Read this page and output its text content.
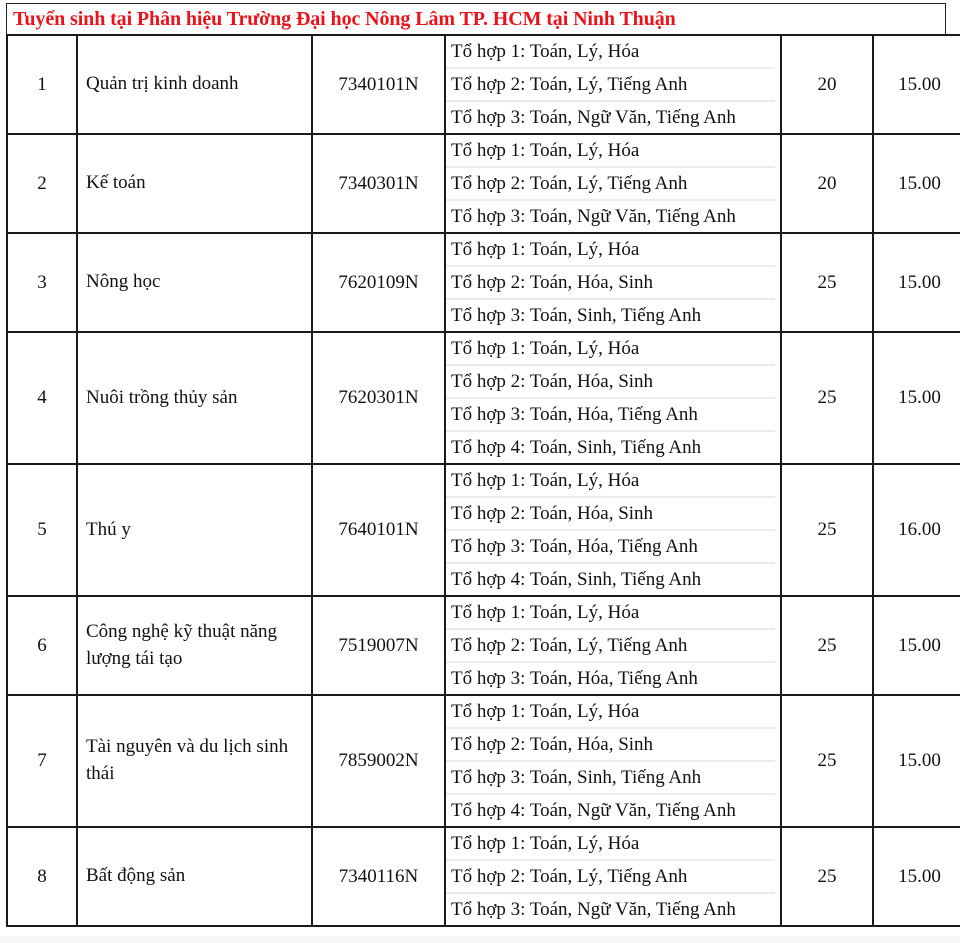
Tuyển sinh tại Phân hiệu Trường Đại học Nông Lâm TP. HCM tại Ninh Thuận
1	Quản trị kinh doanh	7340101N	Tổ hợp 1: Toán, Lý, Hóa
Tổ hợp 2: Toán, Lý, Tiếng Anh
Tổ hợp 3: Toán, Ngữ Văn, Tiếng Anh	20	15.00
2	Kế toán	7340301N	Tổ hợp 1: Toán, Lý, Hóa
Tổ hợp 2: Toán, Lý, Tiếng Anh
Tổ hợp 3: Toán, Ngữ Văn, Tiếng Anh	20	15.00
3	Nông học	7620109N	Tổ hợp 1: Toán, Lý, Hóa
Tổ hợp 2: Toán, Hóa, Sinh
Tổ hợp 3: Toán, Sinh, Tiếng Anh	25	15.00
4	Nuôi trồng thủy sản	7620301N	Tổ hợp 1: Toán, Lý, Hóa
Tổ hợp 2: Toán, Hóa, Sinh
Tổ hợp 3: Toán, Hóa, Tiếng Anh
Tổ hợp 4: Toán, Sinh, Tiếng Anh	25	15.00
5	Thú y	7640101N	Tổ hợp 1: Toán, Lý, Hóa
Tổ hợp 2: Toán, Hóa, Sinh
Tổ hợp 3: Toán, Hóa, Tiếng Anh
Tổ hợp 4: Toán, Sinh, Tiếng Anh	25	16.00
6	Công nghệ kỹ thuật năng lượng tái tạo	7519007N	Tổ hợp 1: Toán, Lý, Hóa
Tổ hợp 2: Toán, Lý, Tiếng Anh
Tổ hợp 3: Toán, Hóa, Tiếng Anh	25	15.00
7	Tài nguyên và du lịch sinh thái	7859002N	Tổ hợp 1: Toán, Lý, Hóa
Tổ hợp 2: Toán, Hóa, Sinh
Tổ hợp 3: Toán, Sinh, Tiếng Anh
Tổ hợp 4: Toán, Ngữ Văn, Tiếng Anh	25	15.00
8	Bất động sản	7340116N	Tổ hợp 1: Toán, Lý, Hóa
Tổ hợp 2: Toán, Lý, Tiếng Anh
Tổ hợp 3: Toán, Ngữ Văn, Tiếng Anh	25	15.00
